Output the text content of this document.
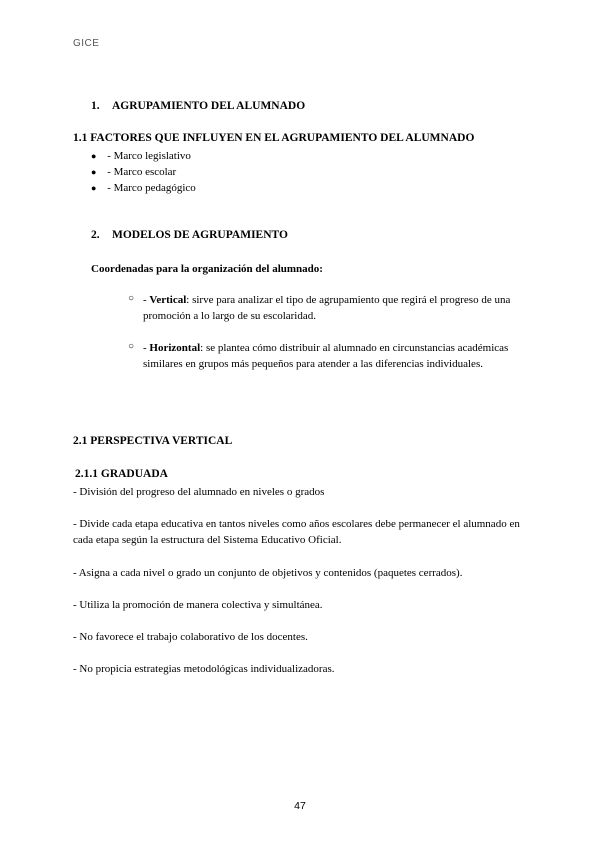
GICE
1. AGRUPAMIENTO DEL ALUMNADO
1.1 FACTORES QUE INFLUYEN EN EL AGRUPAMIENTO DEL ALUMNADO
● - Marco legislativo
● - Marco escolar
● - Marco pedagógico
2. MODELOS DE AGRUPAMIENTO
Coordenadas para la organización del alumnado:
○ - Vertical: sirve para analizar el tipo de agrupamiento que regirá el progreso de una promoción a lo largo de su escolaridad.
○ - Horizontal: se plantea cómo distribuir al alumnado en circunstancias académicas similares en grupos más pequeños para atender a las diferencias individuales.
2.1 PERSPECTIVA VERTICAL
2.1.1 GRADUADA
- División del progreso del alumnado en niveles o grados
- Divide cada etapa educativa en tantos niveles como años escolares debe permanecer el alumnado en cada etapa según la estructura del Sistema Educativo Oficial.
- Asigna a cada nivel o grado un conjunto de objetivos y contenidos (paquetes cerrados).
- Utiliza la promoción de manera colectiva y simultánea.
- No favorece el trabajo colaborativo de los docentes.
- No propicia estrategias metodológicas individualizadoras.
47
